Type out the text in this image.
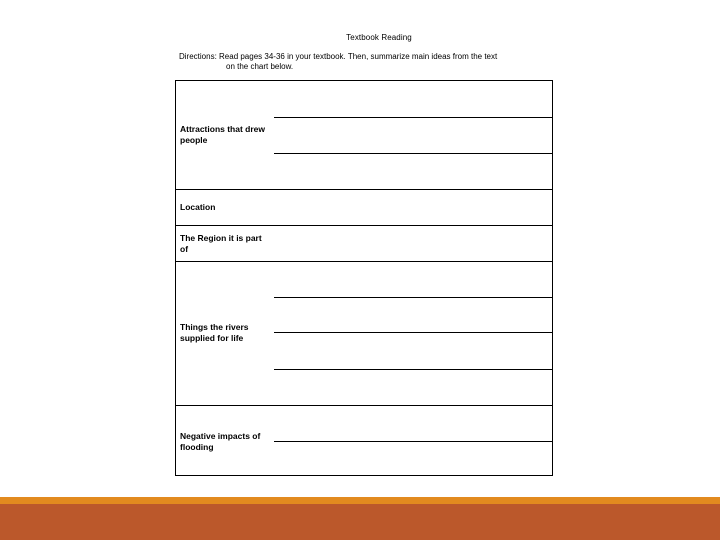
Textbook Reading
Directions: Read pages 34-36 in your textbook. Then, summarize main ideas from the text
on the chart below.
Attractions that drew people
Location
The Region it is part of
Things the rivers supplied for life
Negative impacts of flooding
